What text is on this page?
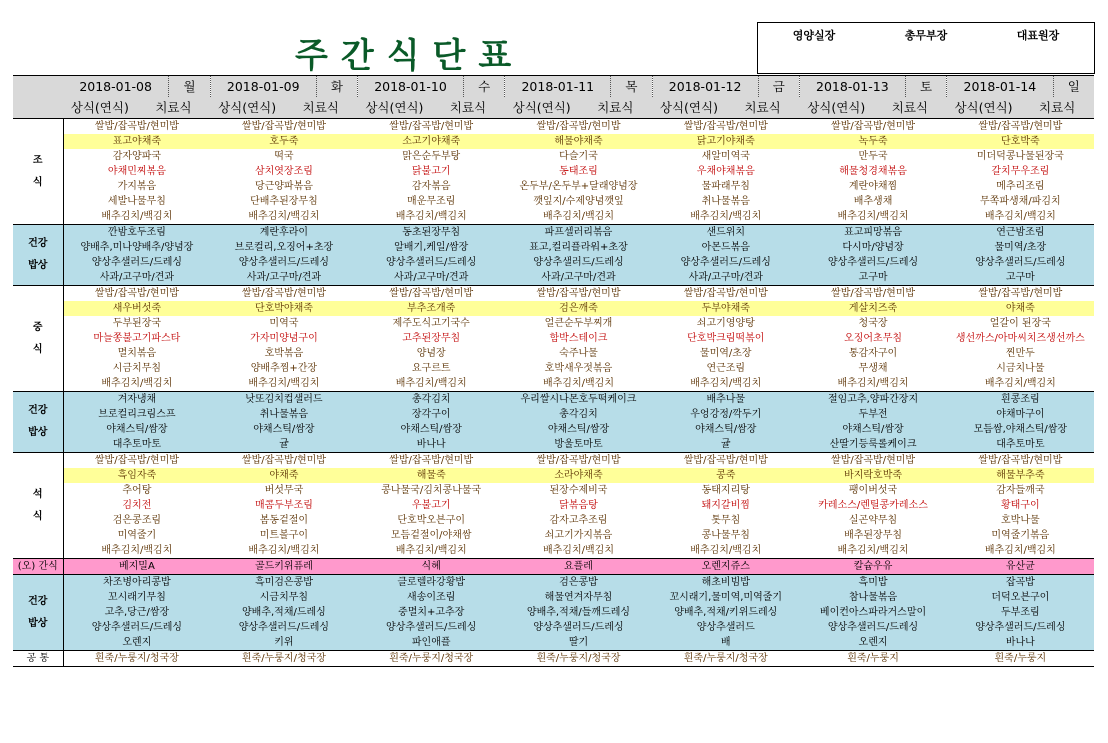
주간식단표
영양실장	총무부장	대표원장

	2018-01-08 월	2018-01-09 화	2018-01-10 수	2018-01-11 목	2018-01-12 금	2018-01-13 토	2018-01-14 일

	상식(연식) 치료식	상식(연식) 치료식	상식(연식) 치료식	상식(연식) 치료식	상식(연식) 치료식	상식(연식) 치료식	상식(연식) 치료식

조
식	쌀밥/잡곡밥/현미밥	쌀밥/잡곡밥/현미밥	쌀밥/잡곡밥/현미밥	쌀밥/잡곡밥/현미밥	쌀밥/잡곡밥/현미밥	쌀밥/잡곡밥/현미밥	쌀밥/잡곡밥/현미밥
	표고야채죽	호두죽	소고기야채죽	해물야채죽	닭고기야채죽	녹두죽	단호박죽
	감자양파국	떡국	맑은순두부탕	다슬기국	새알미역국	만두국	미더덕콩나물된장국
	야채민찌볶음	삼치엿장조림	닭불고기	동태조림	우채야채볶음	해물청경채볶음	갈치무우조림
	가지볶음	당근양파볶음	감자볶음	온두부/온두부+달래양념장	물파래무침	계란야채찜	메추리조림
	세발나물무침	단배추된장무침	매운무조림	깻잎지/수제양념깻잎	취나물볶음	배추생채	무쪽파생채/파김치
	배추김치/백김치	배추김치/백김치	배추김치/백김치	배추김치/백김치	배추김치/백김치	배추김치/백김치	배추김치/백김치
건강
밥상	깐밤호두조림	계란후라이	동초된장무침	파프셀러리볶음	샌드위치	표고피망볶음	연근밤조림
	양배추,미나양배추/양념장	브로컬리,오징어+초장	알배기,케일/쌈장	표고,컬리플라워+초장	아몬드볶음	다시마/양념장	물미역/초장
	양상추샐러드/드레싱	양상추샐러드/드레싱	양상추샐러드/드레싱	양상추샐러드/드레싱	양상추샐러드/드레싱	양상추샐러드/드레싱	양상추샐러드/드레싱
	사과/고구마/견과	사과/고구마/견과	사과/고구마/견과	사과/고구마/견과	사과/고구마/견과	고구마	고구마
중
식	쌀밥/잡곡밥/현미밥	쌀밥/잡곡밥/현미밥	쌀밥/잡곡밥/현미밥	쌀밥/잡곡밥/현미밥	쌀밥/잡곡밥/현미밥	쌀밥/잡곡밥/현미밥	쌀밥/잡곡밥/현미밥
	새우버섯죽	단호박야채죽	부추조개죽	검은깨죽	두부야채죽	게살치즈죽	야채죽
	두부된장국	미역국	제주도식고기국수	얼큰순두부찌개	쇠고기영양탕	청국장	얼갈이 된장국
	마늘쫑불고기파스타	가자미양념구이	고추된장무침	함박스테이크	단호박크림떡볶이	오징어초무침	생선까스/아마씨치즈생선까스
	멸치볶음	호박볶음	양념장	숙주나물	물미역/초장	통감자구이	찐만두
	시금치무침	양배추찜+간장	요구르트	호박새우젓볶음	연근조림	무생채	시금치나물
	배추김치/백김치	배추김치/백김치	배추김치/백김치	배추김치/백김치	배추김치/백김치	배추김치/백김치	배추김치/백김치
건강
밥상	겨자냉채	낫또김치컵샐러드	총각김치	우리쌀시나몬호두떡케이크	배추나물	절임고추,양파간장지	흰콩조림
	브로컬리크림스프	취나물볶음	장각구이	총각김치	우엉강정/깍두기	두부전	야채마구이
	야채스틱/쌈장	야채스틱/쌈장	야채스틱/쌈장	야채스틱/쌈장	야채스틱/쌈장	야채스틱/쌈장	모듬쌈,야채스틱/쌈장
	대추토마토	귤	바나나	방울토마토	귤	산딸기등룩롤케이크	대추토마토
석
식	쌀밥/잡곡밥/현미밥	쌀밥/잡곡밥/현미밥	쌀밥/잡곡밥/현미밥	쌀밥/잡곡밥/현미밥	쌀밥/잡곡밥/현미밥	쌀밥/잡곡밥/현미밥	쌀밥/잡곡밥/현미밥
	흑임자죽	야채죽	해물죽	소라야채죽	콩죽	바지락호박죽	해물부추죽
	추어탕	버섯무국	콩나물국/김치콩나물국	된장수제비국	동태지리탕	팽이버섯국	감자들깨국
	김치전	매콤두부조림	우불고기	닭볶음탕	돼지갈비찜	카레소스/렌틸콩카레소스	황태구이
	검은콩조림	봄동겉절이	단호박오븐구이	감자고추조림	톳무침	실곤약무침	호박나물
	미역줄기	미트볼구이	모듬겉절이/야채쌈	쇠고기가지볶음	콩나물무침	배추된장무침	미역줄기볶음
	배추김치/백김치	배추김치/백김치	배추김치/백김치	배추김치/백김치	배추김치/백김치	배추김치/백김치	배추김치/백김치
(오) 간식	베지밀A	골드키위퓨레	식혜	요플레	오렌지쥬스	칼슘우유	유산균
건강
밥상	차조병아리콩밥	흑미검은콩밥	클로렐라강황밥	검은콩밥	해초비빔밥	흑미밥	잡곡밥
	꼬시래기무침	시금치무침	새송이조림	해물연겨자무침	꼬시래기,물미역,미역줄기	참나물볶음	더덕오븐구이
	고추,당근/쌈장	양배추,적채/드레싱	중멸치+고추장	양배추,적채/들깨드레싱	양배추,적채/키위드레싱	베이컨아스파라거스말이	두부조림
	양상추샐러드/드레싱	양상추샐러드/드레싱	양상추샐러드/드레싱	양상추샐러드/드레싱	양상추샐러드	양상추샐러드/드레싱	양상추샐러드/드레싱
	오렌지	키위	파인애플	딸기	배	오렌지	바나나
공 통	흰죽/누룽지/청국장	흰죽/누룽지/청국장	흰죽/누룽지/청국장	흰죽/누룽지/청국장	흰죽/누룽지/청국장	흰죽/누룽지	흰죽/누룽지
